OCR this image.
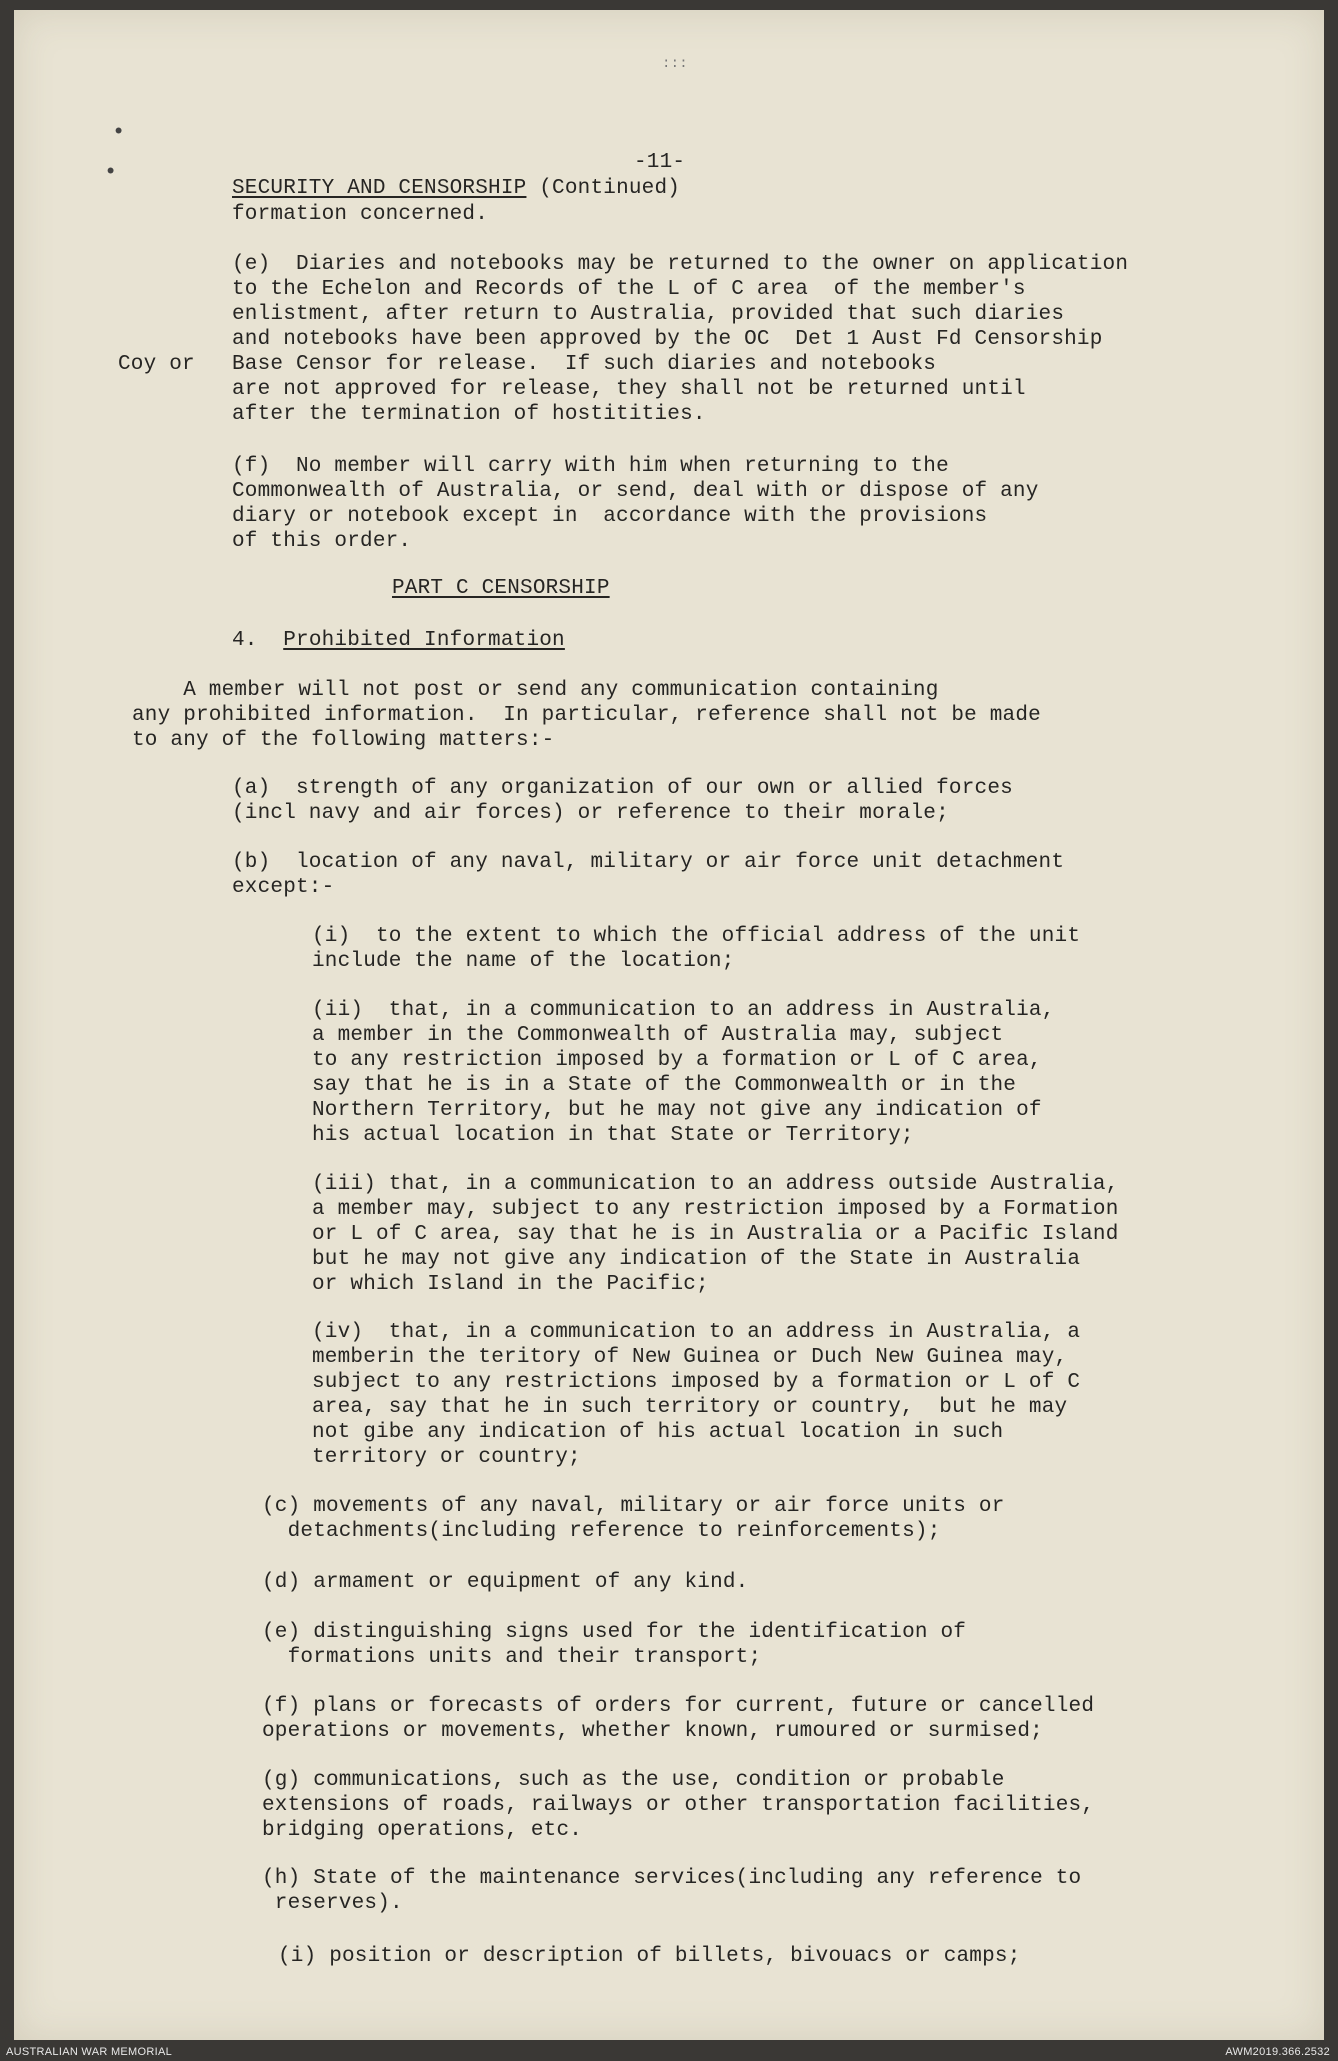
:::
•
•	-11-
SECURITY AND CENSORSHIP (Continued)
formation concerned.
(e)  Diaries and notebooks may be returned to the owner on application
to the Echelon and Records of the L of C area  of the member's
enlistment, after return to Australia, provided that such diaries
and notebooks have been approved by the OC  Det 1 Aust Fd Censorship
Base Censor for release.  If such diaries and notebooks
are not approved for release, they shall not be returned until
after the termination of hostitities.
Coy or
(f)  No member will carry with him when returning to the
Commonwealth of Australia, or send, deal with or dispose of any
diary or notebook except in  accordance with the provisions
of this order.
PART C CENSORSHIP
4. Prohibited Information
A member will not post or send any communication containing
any prohibited information.  In particular, reference shall not be made
to any of the following matters:-
(a)  strength of any organization of our own or allied forces
(incl navy and air forces) or reference to their morale;
(b)  location of any naval, military or air force unit detachment
except:-
(i)  to the extent to which the official address of the unit
include the name of the location;
(ii)  that, in a communication to an address in Australia,
a member in the Commonwealth of Australia may, subject
to any restriction imposed by a formation or L of C area,
say that he is in a State of the Commonwealth or in the
Northern Territory, but he may not give any indication of
his actual location in that State or Territory;
(iii) that, in a communication to an address outside Australia,
a member may, subject to any restriction imposed by a Formation
or L of C area, say that he is in Australia or a Pacific Island
but he may not give any indication of the State in Australia
or which Island in the Pacific;
(iv)  that, in a communication to an address in Australia, a
memberin the teritory of New Guinea or Duch New Guinea may,
subject to any restrictions imposed by a formation or L of C
area, say that he in such territory or country,  but he may
not gibe any indication of his actual location in such
territory or country;
(c) movements of any naval, military or air force units or
detachments(including reference to reinforcements);
(d) armament or equipment of any kind.
(e) distinguishing signs used for the identification of
formations units and their transport;
(f) plans or forecasts of orders for current, future or cancelled
operations or movements, whether known, rumoured or surmised;
(g) communications, such as the use, condition or probable
extensions of roads, railways or other transportation facilities,
bridging operations, etc.
(h) State of the maintenance services(including any reference to
reserves).
(i) position or description of billets, bivouacs or camps;
AUSTRALIAN WAR MEMORIAL	AWM2019.366.2532
